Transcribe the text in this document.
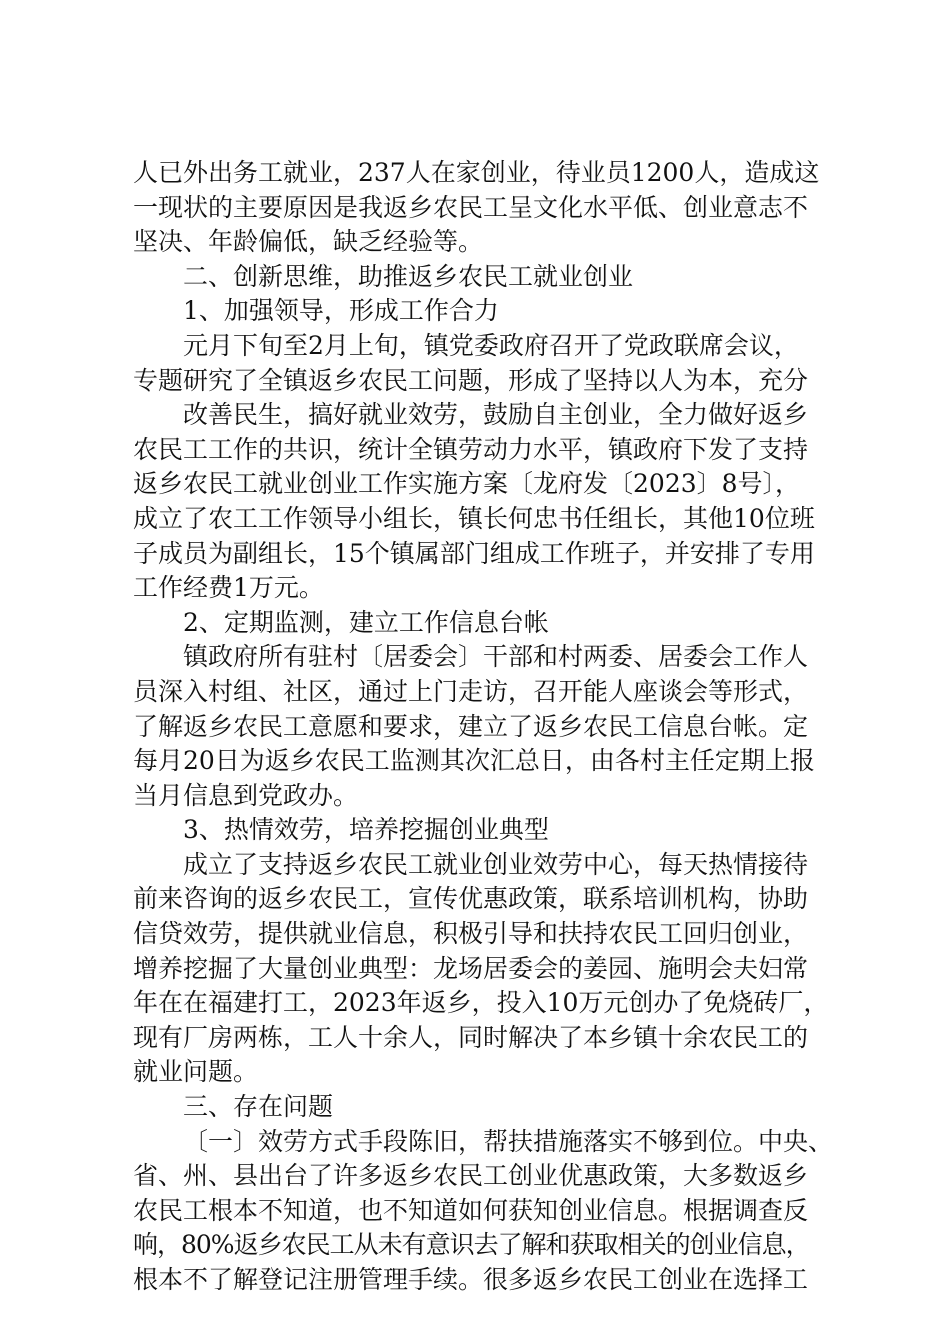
人已外出务工就业，237人在家创业，待业员1200人，造成这
一现状的主要原因是我返乡农民工呈文化水平低、创业意志不
坚决、年龄偏低，缺乏经验等。
二、创新思维，助推返乡农民工就业创业
1、加强领导，形成工作合力
元月下旬至2月上旬，镇党委政府召开了党政联席会议，
专题研究了全镇返乡农民工问题，形成了坚持以人为本，充分
改善民生，搞好就业效劳，鼓励自主创业，全力做好返乡
农民工工作的共识，统计全镇劳动力水平，镇政府下发了支持
返乡农民工就业创业工作实施方案〔龙府发〔2023〕8号〕，
成立了农工工作领导小组长，镇长何忠书任组长，其他10位班
子成员为副组长，15个镇属部门组成工作班子，并安排了专用
工作经费1万元。
2、定期监测，建立工作信息台帐
镇政府所有驻村〔居委会〕干部和村两委、居委会工作人
员深入村组、社区，通过上门走访，召开能人座谈会等形式，
了解返乡农民工意愿和要求，建立了返乡农民工信息台帐。定
每月20日为返乡农民工监测其次汇总日，由各村主任定期上报
当月信息到党政办。
3、热情效劳，培养挖掘创业典型
成立了支持返乡农民工就业创业效劳中心，每天热情接待
前来咨询的返乡农民工，宣传优惠政策，联系培训机构，协助
信贷效劳，提供就业信息，积极引导和扶持农民工回归创业，
增养挖掘了大量创业典型：龙场居委会的姜园、施明会夫妇常
年在在福建打工，2023年返乡，投入10万元创办了免烧砖厂，
现有厂房两栋，工人十余人，同时解决了本乡镇十余农民工的
就业问题。
三、存在问题
〔一〕效劳方式手段陈旧，帮扶措施落实不够到位。中央、
省、州、县出台了许多返乡农民工创业优惠政策，大多数返乡
农民工根本不知道，也不知道如何获知创业信息。根据调查反
响，80%返乡农民工从未有意识去了解和获取相关的创业信息，
根本不了解登记注册管理手续。很多返乡农民工创业在选择工
